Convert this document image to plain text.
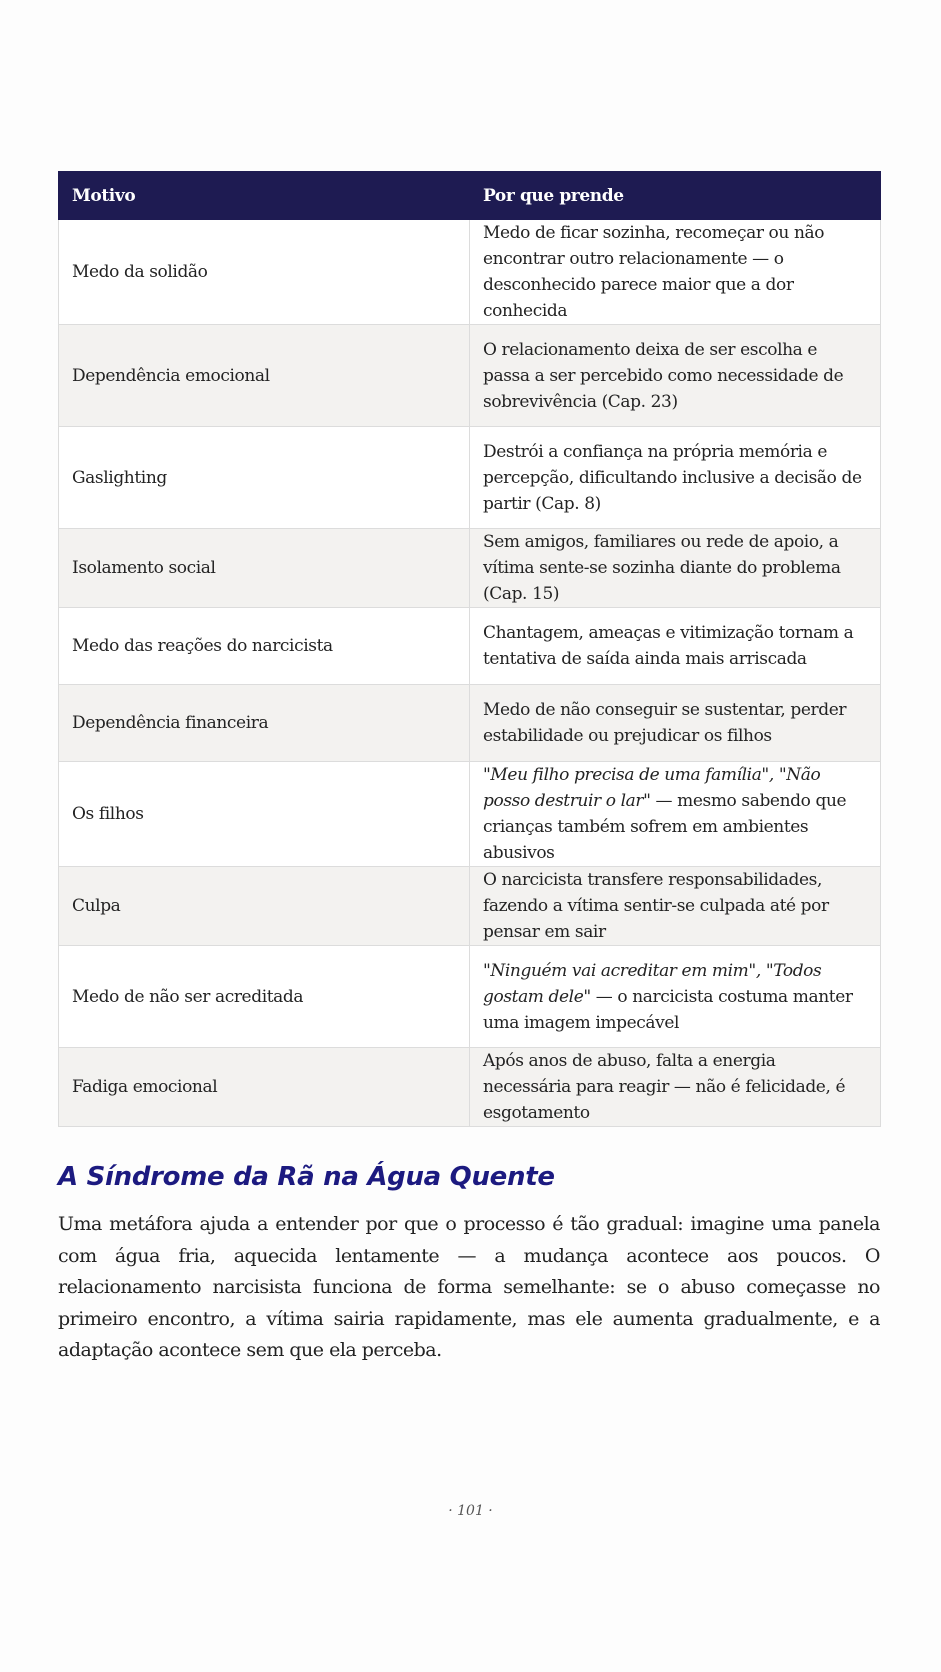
Motivo	Por que prende
Medo da solidão	Medo de ficar sozinha, recomeçar ou não encontrar outro relacionamente — o desconhecido parece maior que a dor conhecida
Dependência emocional	O relacionamento deixa de ser escolha e passa a ser percebido como necessidade de sobrevivência (Cap. 23)
Gaslighting	Destrói a confiança na própria memória e percepção, dificultando inclusive a decisão de partir (Cap. 8)
Isolamento social	Sem amigos, familiares ou rede de apoio, a vítima sente-se sozinha diante do problema (Cap. 15)
Medo das reações do narcicista	Chantagem, ameaças e vitimização tornam a tentativa de saída ainda mais arriscada
Dependência financeira	Medo de não conseguir se sustentar, perder estabilidade ou prejudicar os filhos
Os filhos	"Meu filho precisa de uma família", "Não posso destruir o lar" — mesmo sabendo que crianças também sofrem em ambientes abusivos
Culpa	O narcicista transfere responsabilidades, fazendo a vítima sentir-se culpada até por pensar em sair
Medo de não ser acreditada	"Ninguém vai acreditar em mim", "Todos gostam dele" — o narcicista costuma manter uma imagem impecável
Fadiga emocional	Após anos de abuso, falta a energia necessária para reagir — não é felicidade, é esgotamento
A Síndrome da Rã na Água Quente

Uma metáfora ajuda a entender por que o processo é tão gradual: imagine uma panela com água fria, aquecida lentamente — a mudança acontece aos poucos. O relacionamento narcisista funciona de forma semelhante: se o abuso começasse no primeiro encontro, a vítima sairia rapidamente, mas ele aumenta gradualmente, e a adaptação acontece sem que ela perceba.

· 101 ·
